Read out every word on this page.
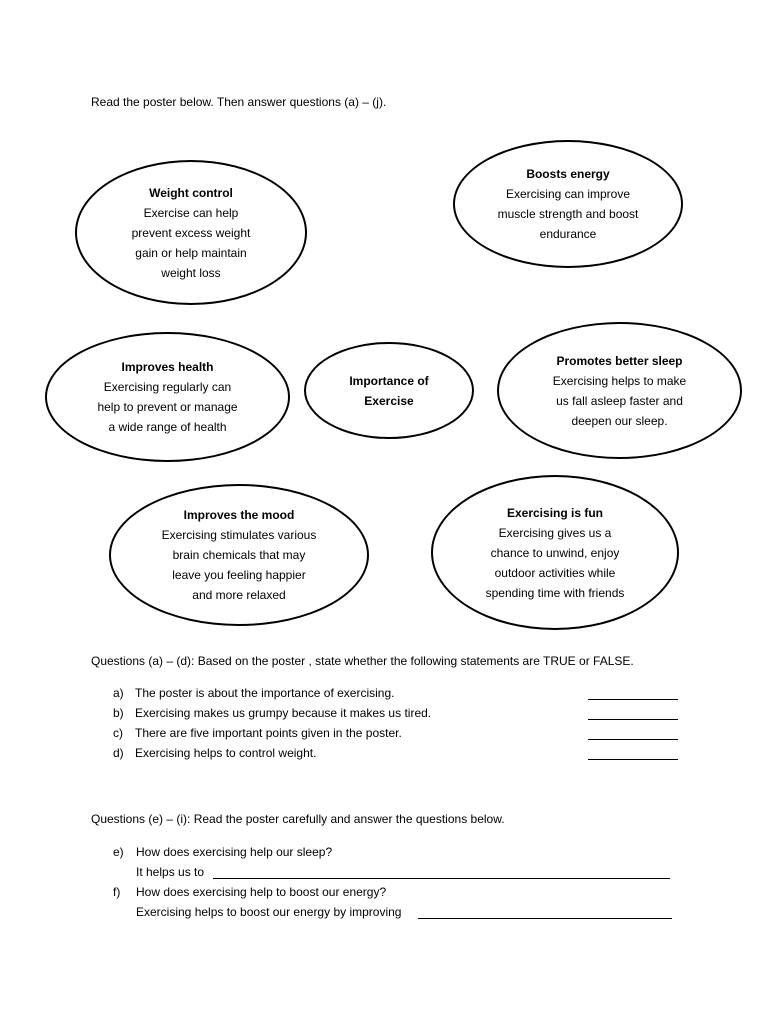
Read the poster below. Then answer questions (a) – (j).
Weight control
Exercise can help
prevent excess weight
gain or help maintain
weight loss
Boosts energy
Exercising can improve
muscle strength and boost
endurance
Improves health
Exercising regularly can
help to prevent or manage
a wide range of health
Importance of
Exercise
Promotes better sleep
Exercising helps to make
us fall asleep faster and
deepen our sleep.
Improves the mood
Exercising stimulates various
brain chemicals that may
leave you feeling happier
and more relaxed
Exercising is fun
Exercising gives us a
chance to unwind, enjoy
outdoor activities while
spending time with friends
Questions (a) – (d): Based on the poster , state whether the following statements are TRUE or FALSE.
a) The poster is about the importance of exercising.
b) Exercising makes us grumpy because it makes us tired.
c) There are five important points given in the poster.
d) Exercising helps to control weight.
Questions (e) – (i): Read the poster carefully and answer the questions below.
e) How does exercising help our sleep?
It helps us to
f) How does exercising help to boost our energy?
Exercising helps to boost our energy by improving
